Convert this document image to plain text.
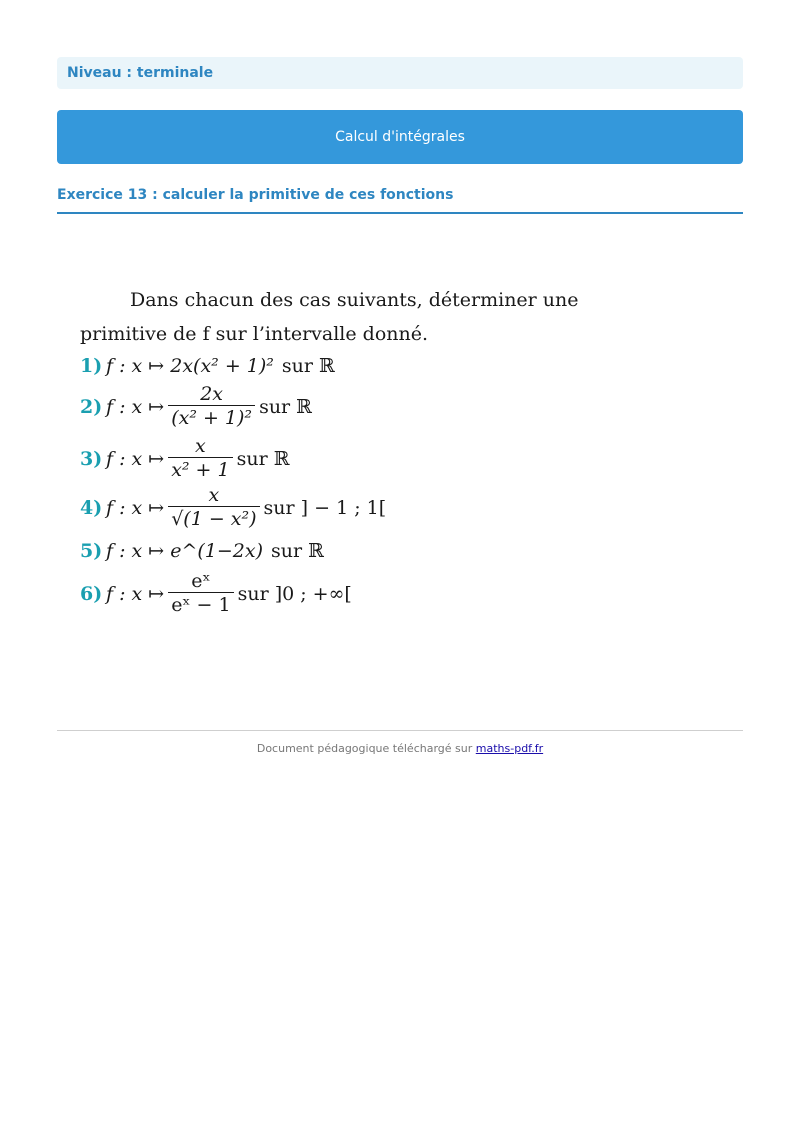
Niveau : terminale
Calcul d'intégrales
Exercice 13 : calculer la primitive de ces fonctions
Dans chacun des cas suivants, déterminer une
primitive de f sur l’intervalle donné.
1) f : x ↦ 2x(x² + 1)² sur ℝ
2) f : x ↦ $\frac{2x}{\text{(x² + 1)²}}$ sur ℝ
3) f : x ↦ $\frac{x}{\text{x² + 1}}$ sur ℝ
4) f : x ↦ $\frac{x}{\text{√(1 − x²)}}$ sur ] − 1 ; 1[
5) f : x ↦ e^(1−2x) sur ℝ
6) f : x ↦ $\frac{\text{eˣ}}{\text{eˣ − 1}}$ sur ]0 ; +∞[
Document pédagogique téléchargé sur maths-pdf.fr
